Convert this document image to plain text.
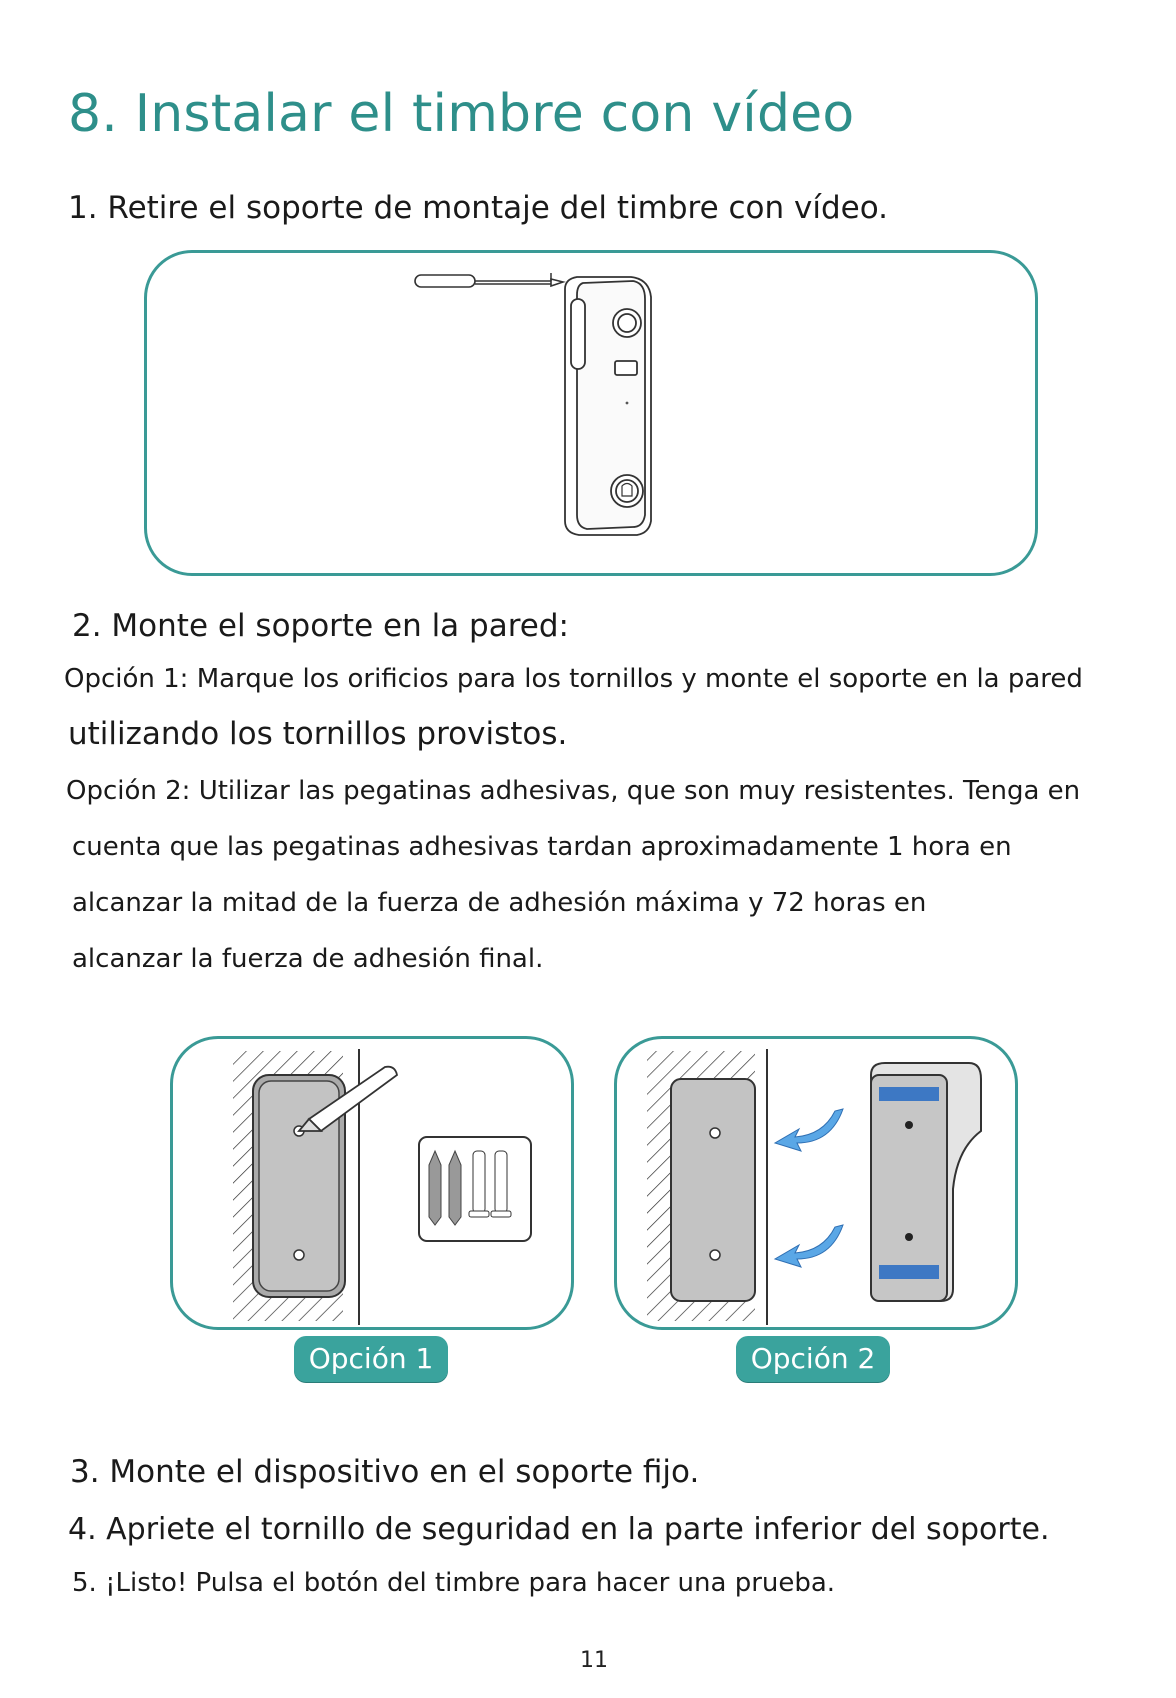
8. Instalar el timbre con vídeo
1. Retire el soporte de montaje del timbre con vídeo.
2. Monte el soporte en la pared:
Opción 1: Marque los orificios para los tornillos y monte el soporte en la pared
utilizando los tornillos provistos.
Opción 2: Utilizar las pegatinas adhesivas, que son muy resistentes. Tenga en
cuenta que las pegatinas adhesivas tardan aproximadamente 1 hora en
alcanzar la mitad de la fuerza de adhesión máxima y 72 horas en
alcanzar la fuerza de adhesión final.
Opción 1	Opción 2
3. Monte el dispositivo en el soporte fijo.
4. Apriete el tornillo de seguridad en la parte inferior del soporte.
5. ¡Listo! Pulsa el botón del timbre para hacer una prueba.
11
